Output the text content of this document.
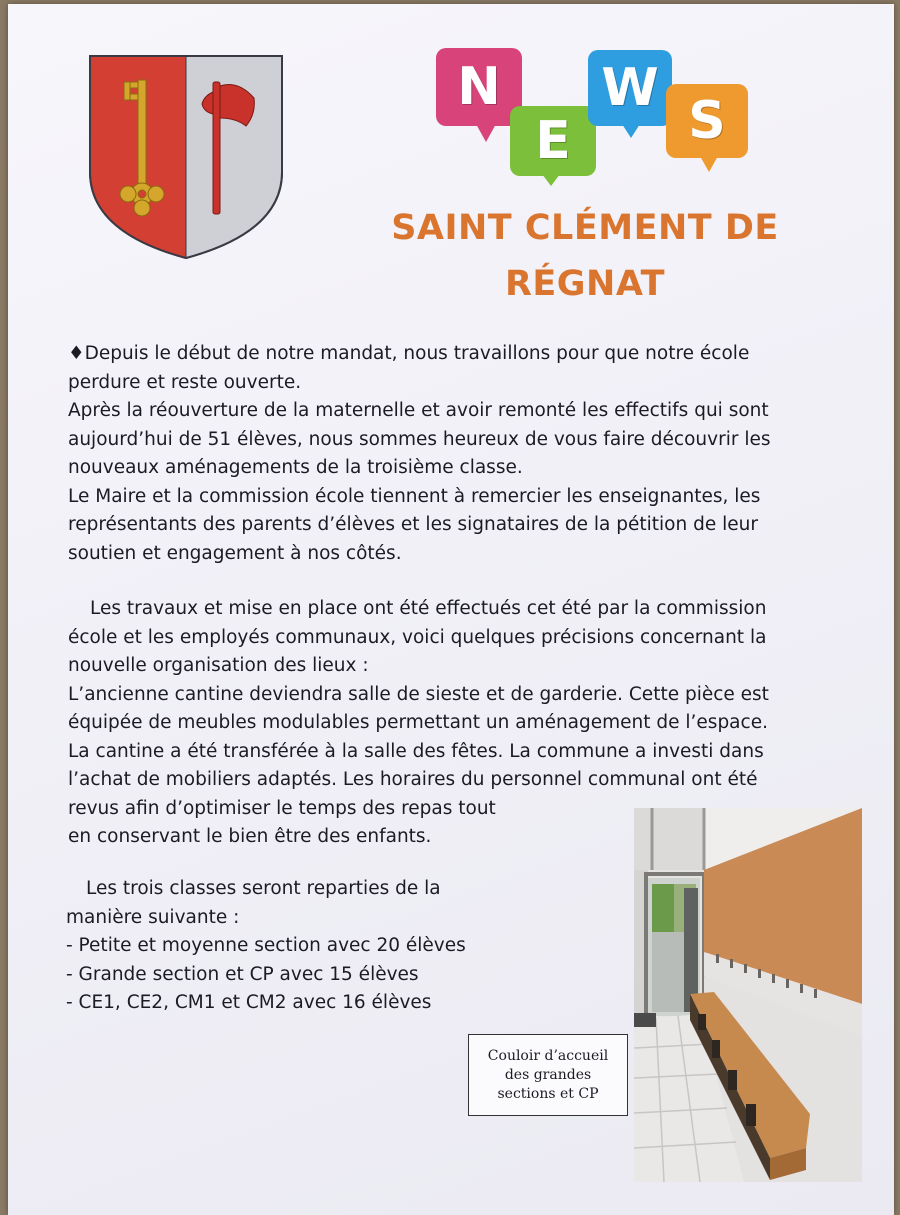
N
E
W
S
SAINT CLÉMENT DE
RÉGNAT
♦Depuis le début de notre mandat, nous travaillons pour que notre école
perdure et reste ouverte.
Après la réouverture de la maternelle et avoir remonté les effectifs qui sont
aujourd’hui de 51 élèves, nous sommes heureux de vous faire découvrir les
nouveaux aménagements de la troisième classe.
Le Maire et la commission école tiennent à remercier les enseignantes, les
représentants des parents d’élèves et les signataires de la pétition de leur
soutien et engagement à nos côtés.
Les travaux et mise en place ont été effectués cet été par la commission
école et les employés communaux, voici quelques précisions concernant la
nouvelle organisation des lieux :
L’ancienne cantine deviendra salle de sieste et de garderie. Cette pièce est
équipée de meubles modulables permettant un aménagement de l’espace.
La cantine a été transférée à la salle des fêtes. La commune a investi dans
l’achat de mobiliers adaptés. Les horaires du personnel communal ont été
revus afin d’optimiser le temps des repas tout
en conservant le bien être des enfants.
Les trois classes seront reparties de la
manière suivante :
- Petite et moyenne section avec 20 élèves
- Grande section et CP avec 15 élèves
- CE1, CE2, CM1 et CM2 avec 16 élèves
Couloir d’accueil
des grandes
sections et CP
